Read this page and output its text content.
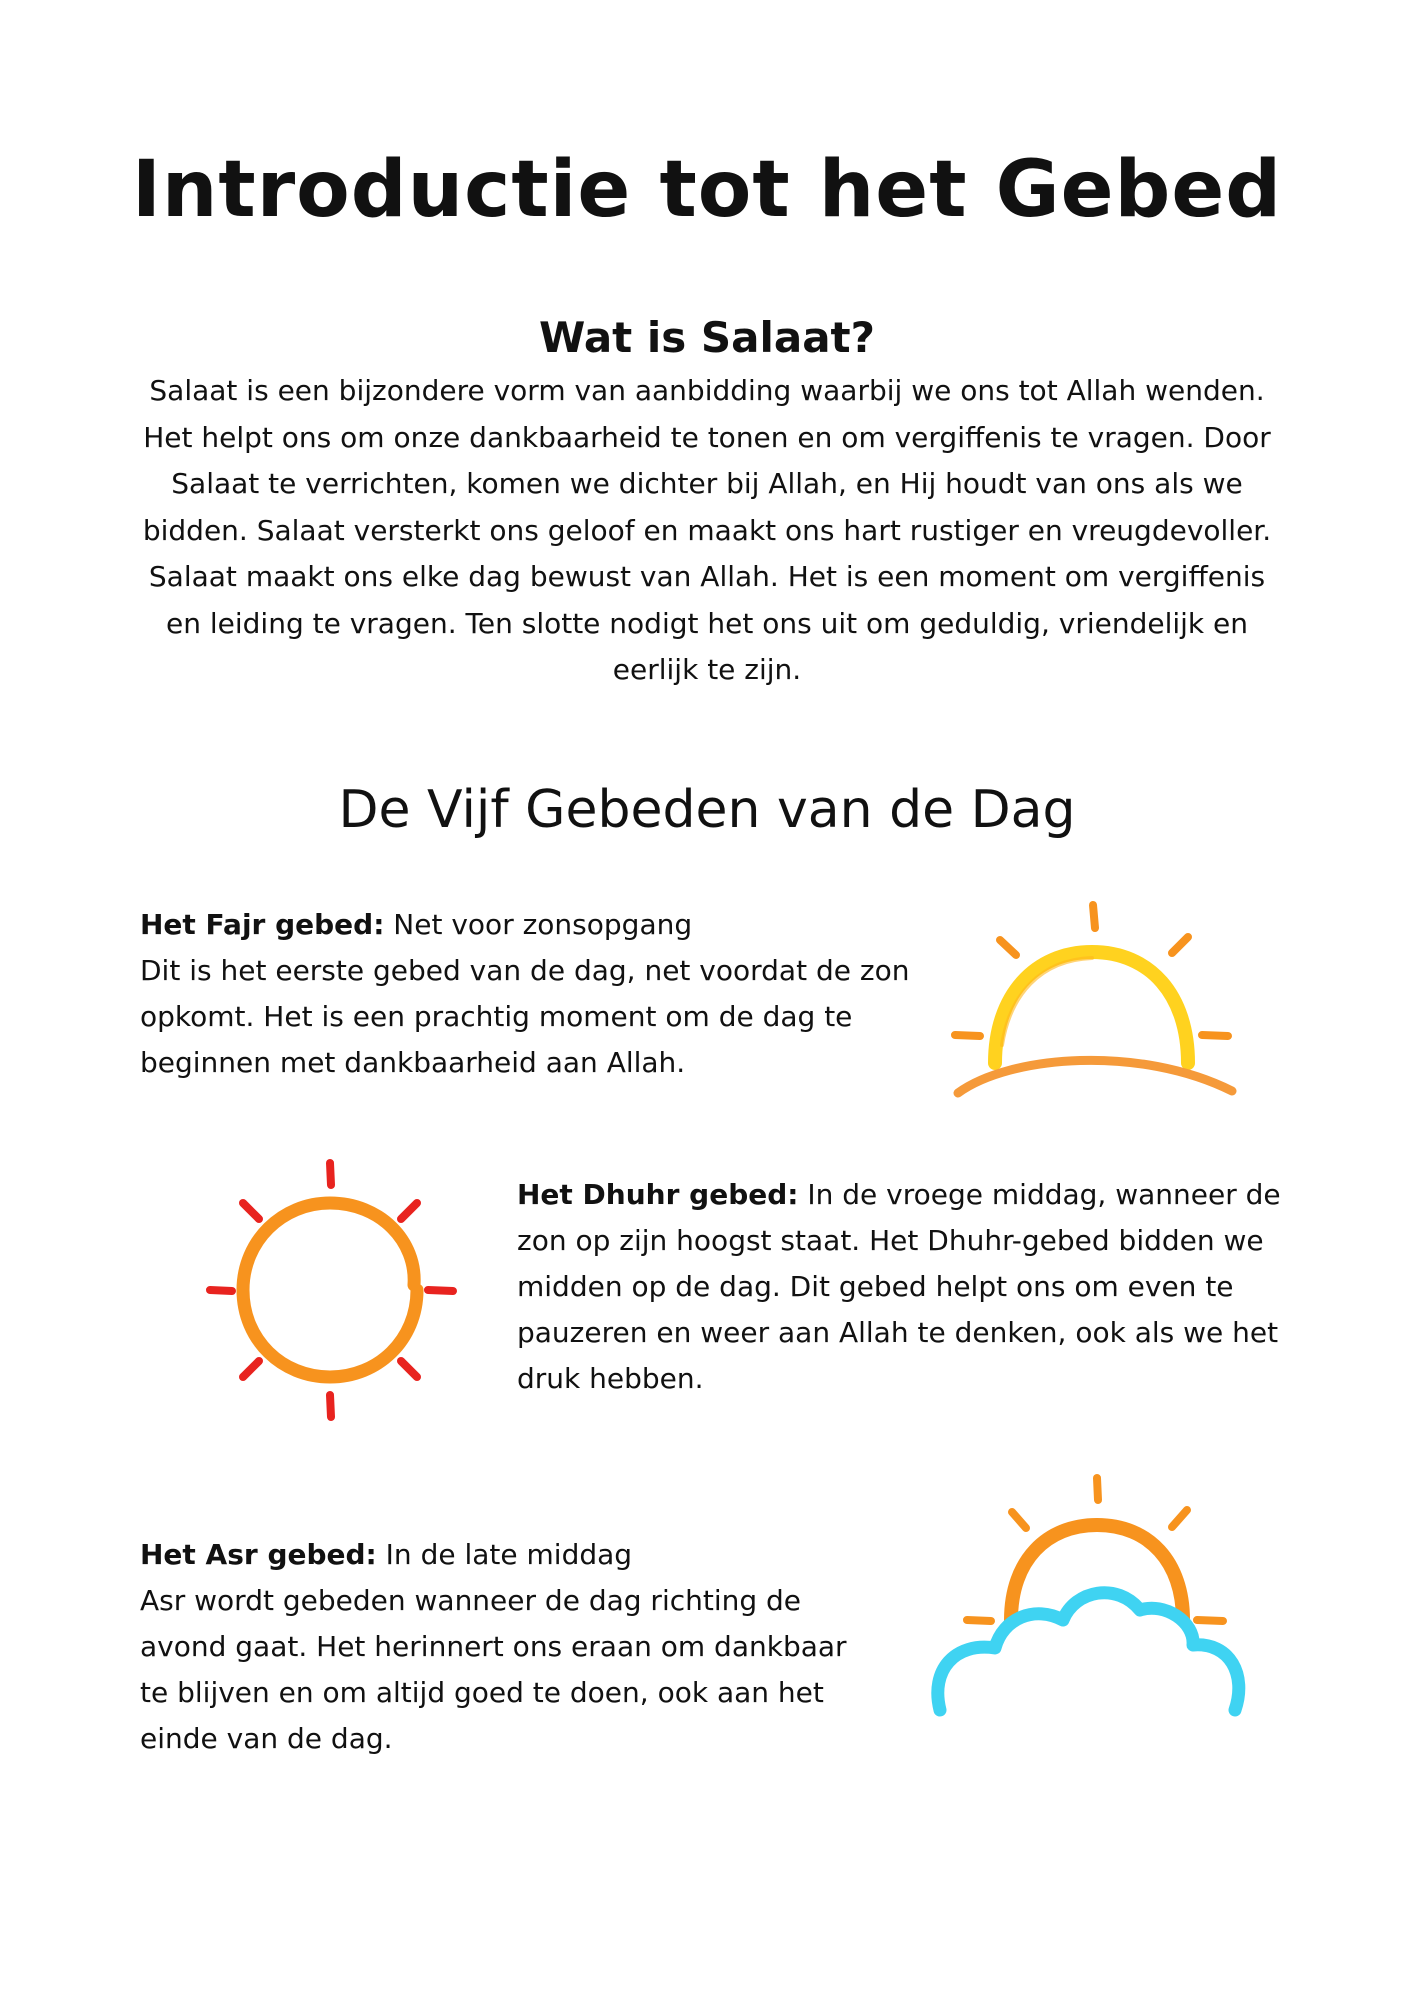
Introductie tot het Gebed
Wat is Salaat?

Salaat is een bijzondere vorm van aanbidding waarbij we ons tot Allah wenden. Het helpt ons om onze dankbaarheid te tonen en om vergiffenis te vragen. Door Salaat te verrichten, komen we dichter bij Allah, en Hij houdt van ons als we bidden. Salaat versterkt ons geloof en maakt ons hart rustiger en vreugdevoller. Salaat maakt ons elke dag bewust van Allah. Het is een moment om vergiffenis en leiding te vragen. Ten slotte nodigt het ons uit om geduldig, vriendelijk en eerlijk te zijn.

De Vijf Gebeden van de Dag

Het Fajr gebed: Net voor zonsopgang
Dit is het eerste gebed van de dag, net voordat de zon opkomt. Het is een prachtig moment om de dag te beginnen met dankbaarheid aan Allah.

Het Dhuhr gebed: In de vroege middag, wanneer de zon op zijn hoogst staat. Het Dhuhr-gebed bidden we midden op de dag. Dit gebed helpt ons om even te pauzeren en weer aan Allah te denken, ook als we het druk hebben.

Het Asr gebed: In de late middag
Asr wordt gebeden wanneer de dag richting de avond gaat. Het herinnert ons eraan om dankbaar te blijven en om altijd goed te doen, ook aan het einde van de dag.
